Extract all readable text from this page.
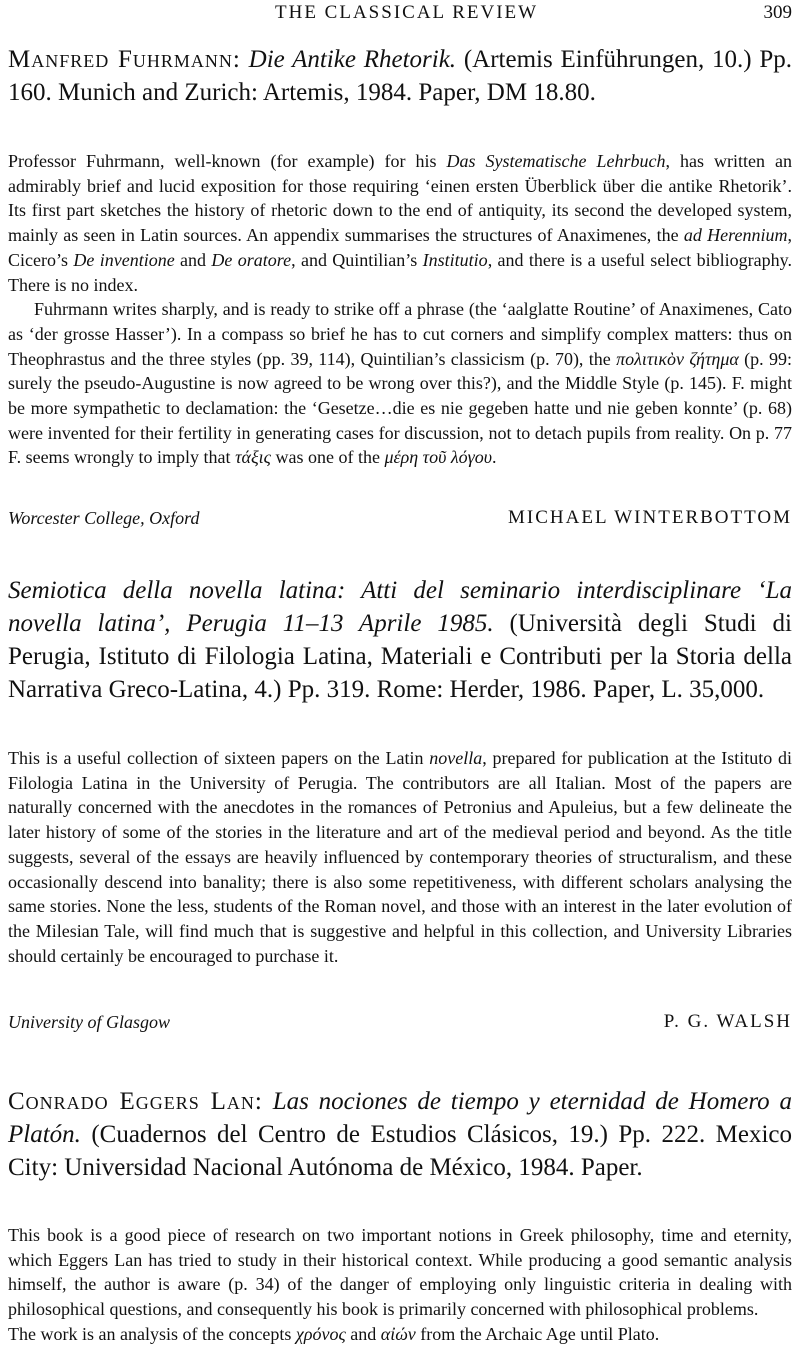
THE CLASSICAL REVIEW	309
Manfred Fuhrmann: Die Antike Rhetorik. (Artemis Einführungen, 10.) Pp. 160. Munich and Zurich: Artemis, 1984. Paper, DM 18.80.

Professor Fuhrmann, well-known (for example) for his Das Systematische Lehrbuch, has written an admirably brief and lucid exposition for those requiring ‘einen ersten Überblick über die antike Rhetorik’. Its first part sketches the history of rhetoric down to the end of antiquity, its second the developed system, mainly as seen in Latin sources. An appendix summarises the structures of Anaximenes, the ad Herennium, Cicero’s De inventione and De oratore, and Quintilian’s Institutio, and there is a useful select bibliography. There is no index.

Fuhrmann writes sharply, and is ready to strike off a phrase (the ‘aalglatte Routine’ of Anaximenes, Cato as ‘der grosse Hasser’). In a compass so brief he has to cut corners and simplify complex matters: thus on Theophrastus and the three styles (pp. 39, 114), Quintilian’s classicism (p. 70), the πολιτικὸν ζήτημα (p. 99: surely the pseudo-Augustine is now agreed to be wrong over this?), and the Middle Style (p. 145). F. might be more sympathetic to declamation: the ‘Gesetze…die es nie gegeben hatte und nie geben konnte’ (p. 68) were invented for their fertility in generating cases for discussion, not to detach pupils from reality. On p. 77 F. seems wrongly to imply that τάξις was one of the μέρη τοῦ λόγου.

Worcester College, Oxford	MICHAEL WINTERBOTTOM
Semiotica della novella latina: Atti del seminario interdisciplinare ‘La novella latina’, Perugia 11–13 Aprile 1985. (Università degli Studi di Perugia, Istituto di Filologia Latina, Materiali e Contributi per la Storia della Narrativa Greco-Latina, 4.) Pp. 319. Rome: Herder, 1986. Paper, L. 35,000.

This is a useful collection of sixteen papers on the Latin novella, prepared for publication at the Istituto di Filologia Latina in the University of Perugia. The contributors are all Italian. Most of the papers are naturally concerned with the anecdotes in the romances of Petronius and Apuleius, but a few delineate the later history of some of the stories in the literature and art of the medieval period and beyond. As the title suggests, several of the essays are heavily influenced by contemporary theories of structuralism, and these occasionally descend into banality; there is also some repetitiveness, with different scholars analysing the same stories. None the less, students of the Roman novel, and those with an interest in the later evolution of the Milesian Tale, will find much that is suggestive and helpful in this collection, and University Libraries should certainly be encouraged to purchase it.

University of Glasgow	P. G. WALSH
Conrado Eggers Lan: Las nociones de tiempo y eternidad de Homero a Platón. (Cuadernos del Centro de Estudios Clásicos, 19.) Pp. 222. Mexico City: Universidad Nacional Autónoma de México, 1984. Paper.

This book is a good piece of research on two important notions in Greek philosophy, time and eternity, which Eggers Lan has tried to study in their historical context. While producing a good semantic analysis himself, the author is aware (p. 34) of the danger of employing only linguistic criteria in dealing with philosophical questions, and consequently his book is primarily concerned with philosophical problems.

The work is an analysis of the concepts χρόνος and αἰών from the Archaic Age until Plato.
